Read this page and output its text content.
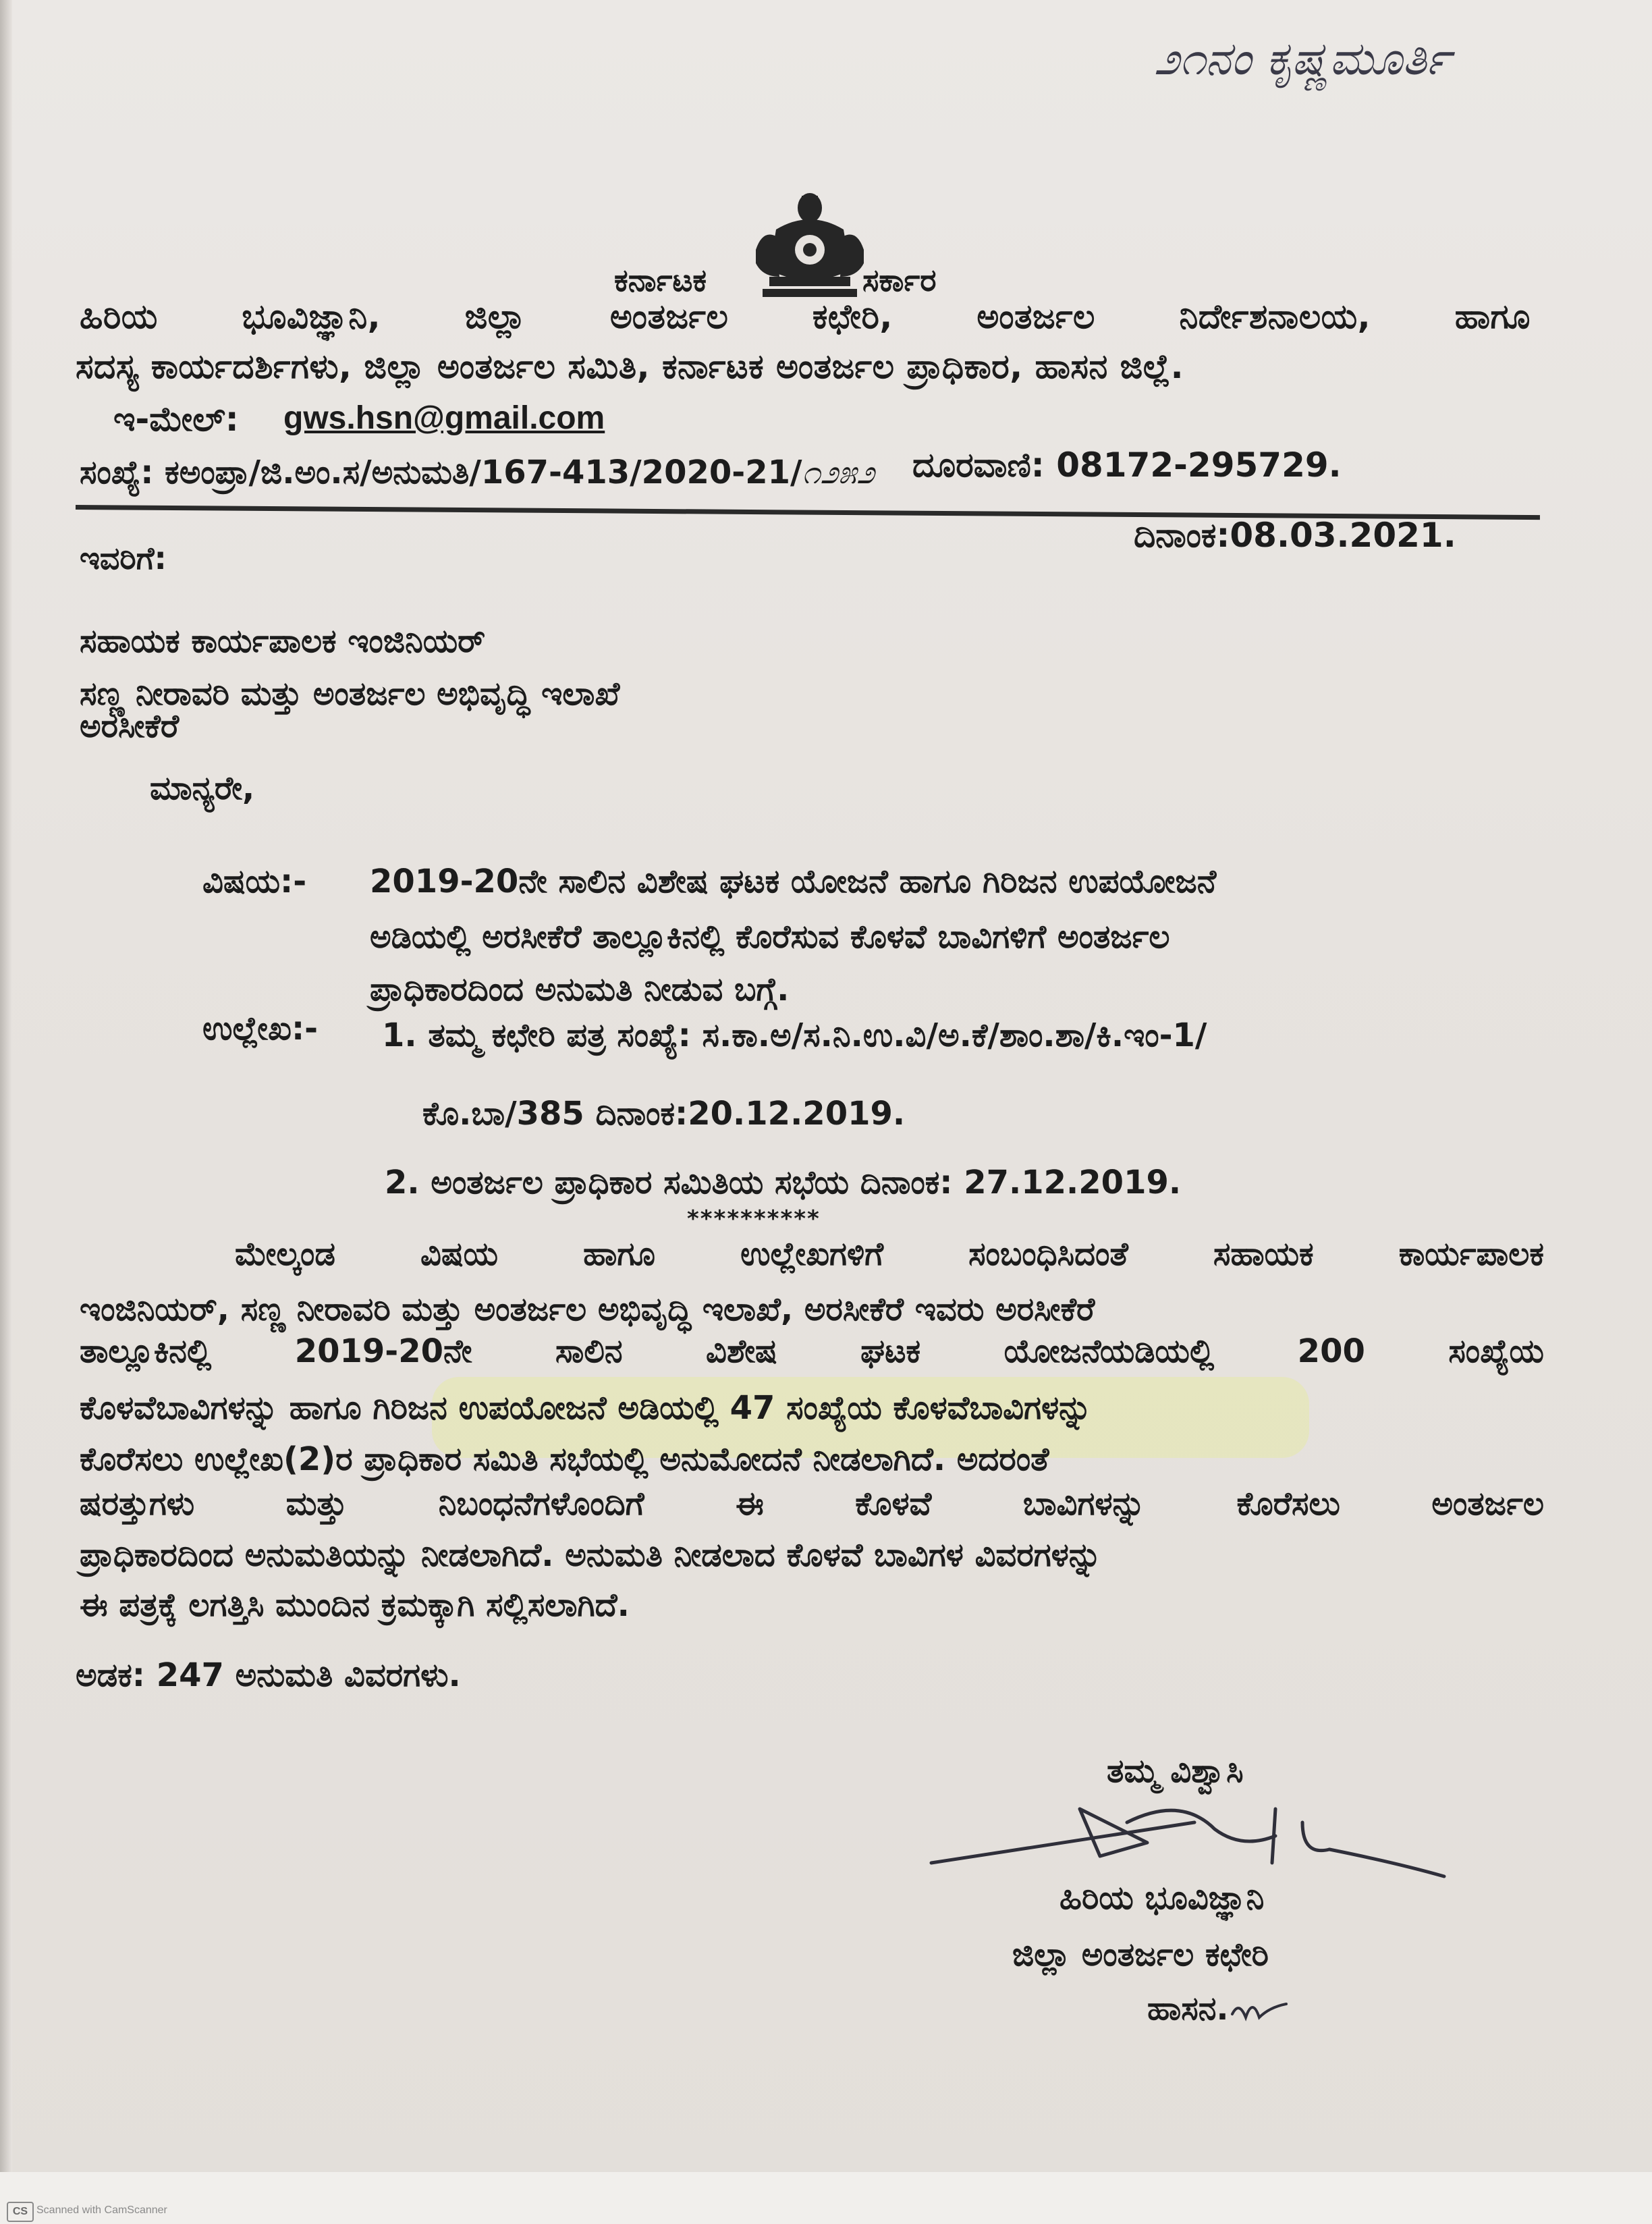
೨೧ನಂ ಕೃಷ್ಣಮೂರ್ತಿ
ಕರ್ನಾಟಕ	ಸರ್ಕಾರ
ಹಿರಿಯ ಭೂವಿಜ್ಞಾನಿ, ಜಿಲ್ಲಾ ಅಂತರ್ಜಲ ಕಛೇರಿ, ಅಂತರ್ಜಲ ನಿರ್ದೇಶನಾಲಯ, ಹಾಗೂ
ಸದಸ್ಯ ಕಾರ್ಯದರ್ಶಿಗಳು, ಜಿಲ್ಲಾ ಅಂತರ್ಜಲ ಸಮಿತಿ, ಕರ್ನಾಟಕ ಅಂತರ್ಜಲ ಪ್ರಾಧಿಕಾರ, ಹಾಸನ ಜಿಲ್ಲೆ.
ಇ-ಮೇಲ್: gws.hsn@gmail.com
ದೂರವಾಣಿ: 08172-295729.
ಸಂಖ್ಯೆ: ಕಅಂಪ್ರಾ/ಜಿ.ಅಂ.ಸ/ಅನುಮತಿ/167-413/2020-21/೧೨೫೨
ದಿನಾಂಕ:08.03.2021.
ಇವರಿಗೆ:
ಸಹಾಯಕ ಕಾರ್ಯಪಾಲಕ ಇಂಜಿನಿಯರ್
ಸಣ್ಣ ನೀರಾವರಿ ಮತ್ತು ಅಂತರ್ಜಲ ಅಭಿವೃದ್ಧಿ ಇಲಾಖೆ
ಅರಸೀಕೆರೆ
ಮಾನ್ಯರೇ,
ವಿಷಯ:- 2019-20ನೇ ಸಾಲಿನ ವಿಶೇಷ ಘಟಕ ಯೋಜನೆ ಹಾಗೂ ಗಿರಿಜನ ಉಪಯೋಜನೆ
ಅಡಿಯಲ್ಲಿ ಅರಸೀಕೆರೆ ತಾಲ್ಲೂಕಿನಲ್ಲಿ ಕೊರೆಸುವ ಕೊಳವೆ ಬಾವಿಗಳಿಗೆ ಅಂತರ್ಜಲ
ಪ್ರಾಧಿಕಾರದಿಂದ ಅನುಮತಿ ನೀಡುವ ಬಗ್ಗೆ.
ಉಲ್ಲೇಖ:- 1. ತಮ್ಮ ಕಛೇರಿ ಪತ್ರ ಸಂಖ್ಯೆ: ಸ.ಕಾ.ಅ/ಸ.ನಿ.ಉ.ವಿ/ಅ.ಕೆ/ಶಾಂ.ಶಾ/ಕಿ.ಇಂ-1/
ಕೊ.ಬಾ/385 ದಿನಾಂಕ:20.12.2019.
2. ಅಂತರ್ಜಲ ಪ್ರಾಧಿಕಾರ ಸಮಿತಿಯ ಸಭೆಯ ದಿನಾಂಕ: 27.12.2019.
**********
ಮೇಲ್ಕಂಡ	ವಿಷಯ	ಹಾಗೂ	ಉಲ್ಲೇಖಗಳಿಗೆ	ಸಂಬಂಧಿಸಿದಂತೆ	ಸಹಾಯಕ	ಕಾರ್ಯಪಾಲಕ
ಇಂಜಿನಿಯರ್, ಸಣ್ಣ ನೀರಾವರಿ ಮತ್ತು ಅಂತರ್ಜಲ ಅಭಿವೃದ್ಧಿ ಇಲಾಖೆ, ಅರಸೀಕೆರೆ ಇವರು ಅರಸೀಕೆರೆ
ತಾಲ್ಲೂಕಿನಲ್ಲಿ	2019-20ನೇ	ಸಾಲಿನ	ವಿಶೇಷ	ಘಟಕ	ಯೋಜನೆಯಡಿಯಲ್ಲಿ	200	ಸಂಖ್ಯೆಯ
ಕೊಳವೆಬಾವಿಗಳನ್ನು ಹಾಗೂ ಗಿರಿಜನ ಉಪಯೋಜನೆ ಅಡಿಯಲ್ಲಿ 47 ಸಂಖ್ಯೆಯ ಕೊಳವೆಬಾವಿಗಳನ್ನು
ಕೊರೆಸಲು ಉಲ್ಲೇಖ(2)ರ ಪ್ರಾಧಿಕಾರ ಸಮಿತಿ ಸಭೆಯಲ್ಲಿ ಅನುಮೋದನೆ ನೀಡಲಾಗಿದೆ. ಅದರಂತೆ
ಷರತ್ತುಗಳು	ಮತ್ತು	ನಿಬಂಧನೆಗಳೊಂದಿಗೆ	ಈ	ಕೊಳವೆ	ಬಾವಿಗಳನ್ನು	ಕೊರೆಸಲು	ಅಂತರ್ಜಲ
ಪ್ರಾಧಿಕಾರದಿಂದ ಅನುಮತಿಯನ್ನು ನೀಡಲಾಗಿದೆ. ಅನುಮತಿ ನೀಡಲಾದ ಕೊಳವೆ ಬಾವಿಗಳ ವಿವರಗಳನ್ನು
ಈ ಪತ್ರಕ್ಕೆ ಲಗತ್ತಿಸಿ ಮುಂದಿನ ಕ್ರಮಕ್ಕಾಗಿ ಸಲ್ಲಿಸಲಾಗಿದೆ.
ಅಡಕ: 247 ಅನುಮತಿ ವಿವರಗಳು.
ತಮ್ಮ ವಿಶ್ವಾಸಿ
ಹಿರಿಯ ಭೂವಿಜ್ಞಾನಿ
ಜಿಲ್ಲಾ ಅಂತರ್ಜಲ ಕಛೇರಿ
ಹಾಸನ.
CS Scanned with CamScanner
